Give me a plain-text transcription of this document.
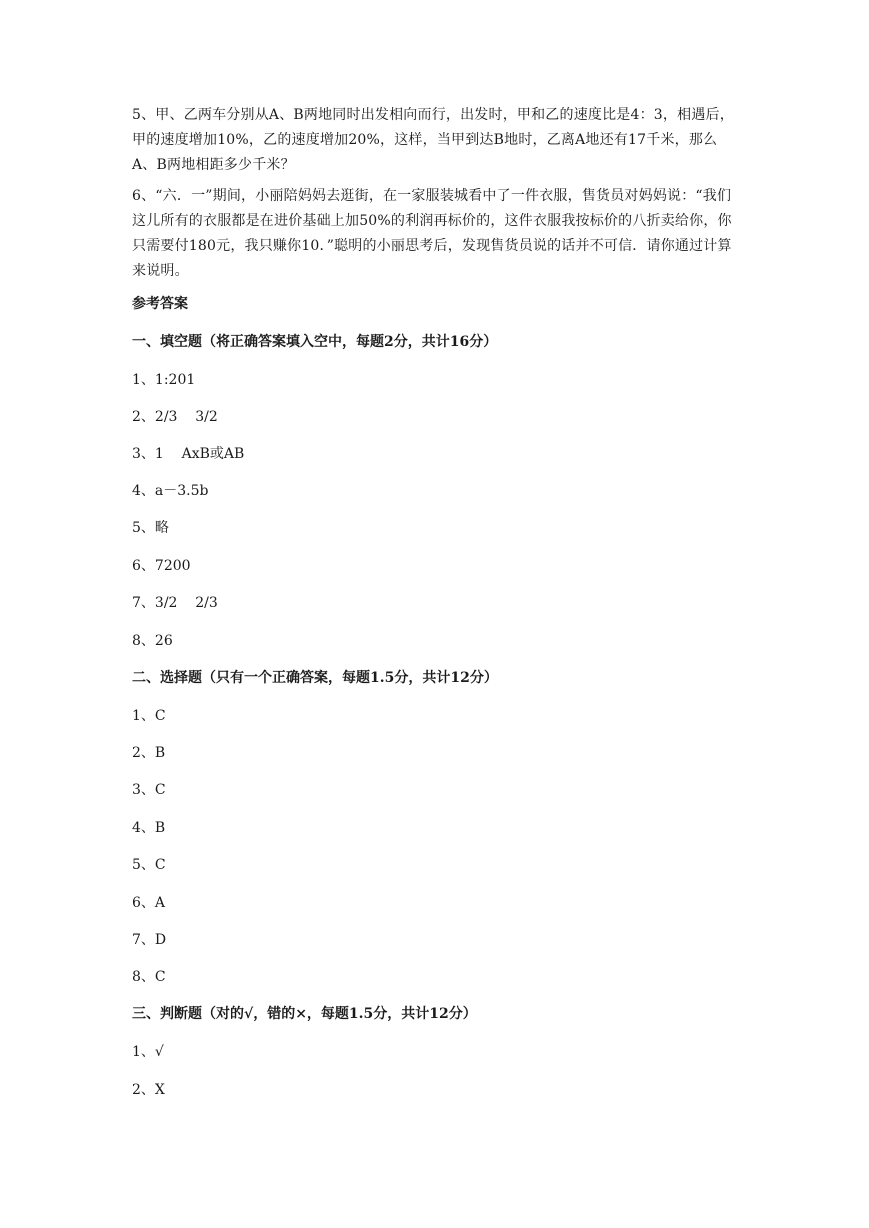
5、甲、乙两车分别从A、B两地同时出发相向而行，出发时，甲和乙的速度比是4：3，相遇后，甲的速度增加10%，乙的速度增加20%，这样，当甲到达B地时，乙离A地还有17千米，那么A、B两地相距多少千米？

6、“六．一”期间，小丽陪妈妈去逛街，在一家服装城看中了一件衣服，售货员对妈妈说：“我们这儿所有的衣服都是在进价基础上加50%的利润再标价的，这件衣服我按标价的八折卖给你，你只需要付180元，我只赚你10．”聪明的小丽思考后，发现售货员说的话并不可信．请你通过计算来说明。

参考答案

一、填空题（将正确答案填入空中，每题2分，共计16分）

1、1:201

2、2/3    3/2

3、1    AxB或AB

4、a－3.5b

5、略

6、7200

7、3/2    2/3

8、26

二、选择题（只有一个正确答案，每题1.5分，共计12分）

1、C

2、B

3、C

4、B

5、C

6、A

7、D

8、C

三、判断题（对的√，错的×，每题1.5分，共计12分）

1、√

2、X
